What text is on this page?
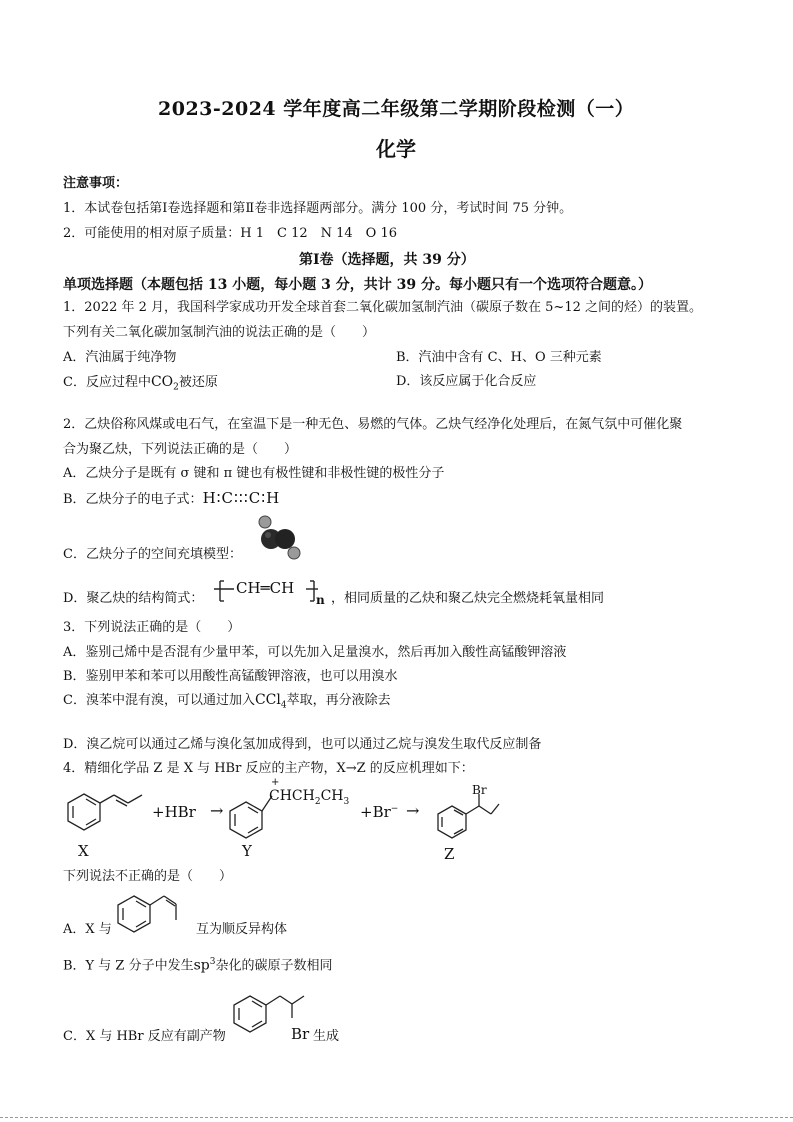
2023-2024 学年度高二年级第二学期阶段检测（一）
化学
注意事项：
1．本试卷包括第Ⅰ卷选择题和第Ⅱ卷非选择题两部分。满分 100 分，考试时间 75 分钟。
2．可能使用的相对原子质量：H 1　C 12　N 14　O 16
第Ⅰ卷（选择题，共 39 分）
单项选择题（本题包括 13 小题，每小题 3 分，共计 39 分。每小题只有一个选项符合题意。）
1．2022 年 2 月，我国科学家成功开发全球首套二氧化碳加氢制汽油（碳原子数在 5~12 之间的烃）的装置。
下列有关二氧化碳加氢制汽油的说法正确的是（　　）
A．汽油属于纯净物	B．汽油中含有 C、H、O 三种元素
C．反应过程中$CO_2$被还原	D．该反应属于化合反应
2．乙炔俗称风煤或电石气，在室温下是一种无色、易燃的气体。乙炔气经净化处理后，在氮气氛中可催化聚
合为聚乙炔，下列说法正确的是（　　）
A．乙炔分子是既有 σ 键和 π 键也有极性键和非极性键的极性分子
B．乙炔分子的电子式：H∶C∶∶∶C∶H
C．乙炔分子的空间充填模型：
D．聚乙炔的结构简式：
CH═CH
n ，相同质量的乙炔和聚乙炔完全燃烧耗氧量相同
3．下列说法正确的是（　　）
A．鉴别己烯中是否混有少量甲苯，可以先加入足量溴水，然后再加入酸性高锰酸钾溶液
B．鉴别甲苯和苯可以用酸性高锰酸钾溶液，也可以用溴水
C．溴苯中混有溴，可以通过加入CCl$_4$萃取，再分液除去
D．溴乙烷可以通过乙烯与溴化氢加成得到，也可以通过乙烷与溴发生取代反应制备
4．精细化学品 Z 是 X 与 HBr 反应的主产物，X→Z 的反应机理如下：
+HBr →
X
+
$CHCH_2CH_3$
+Br− →
Y
Br
Z
下列说法不正确的是（　　）
A．X 与	互为顺反异构体
B．Y 与 Z 分子中发生$sp^3$杂化的碳原子数相同
C．X 与 HBr 反应有副产物	Br 生成
